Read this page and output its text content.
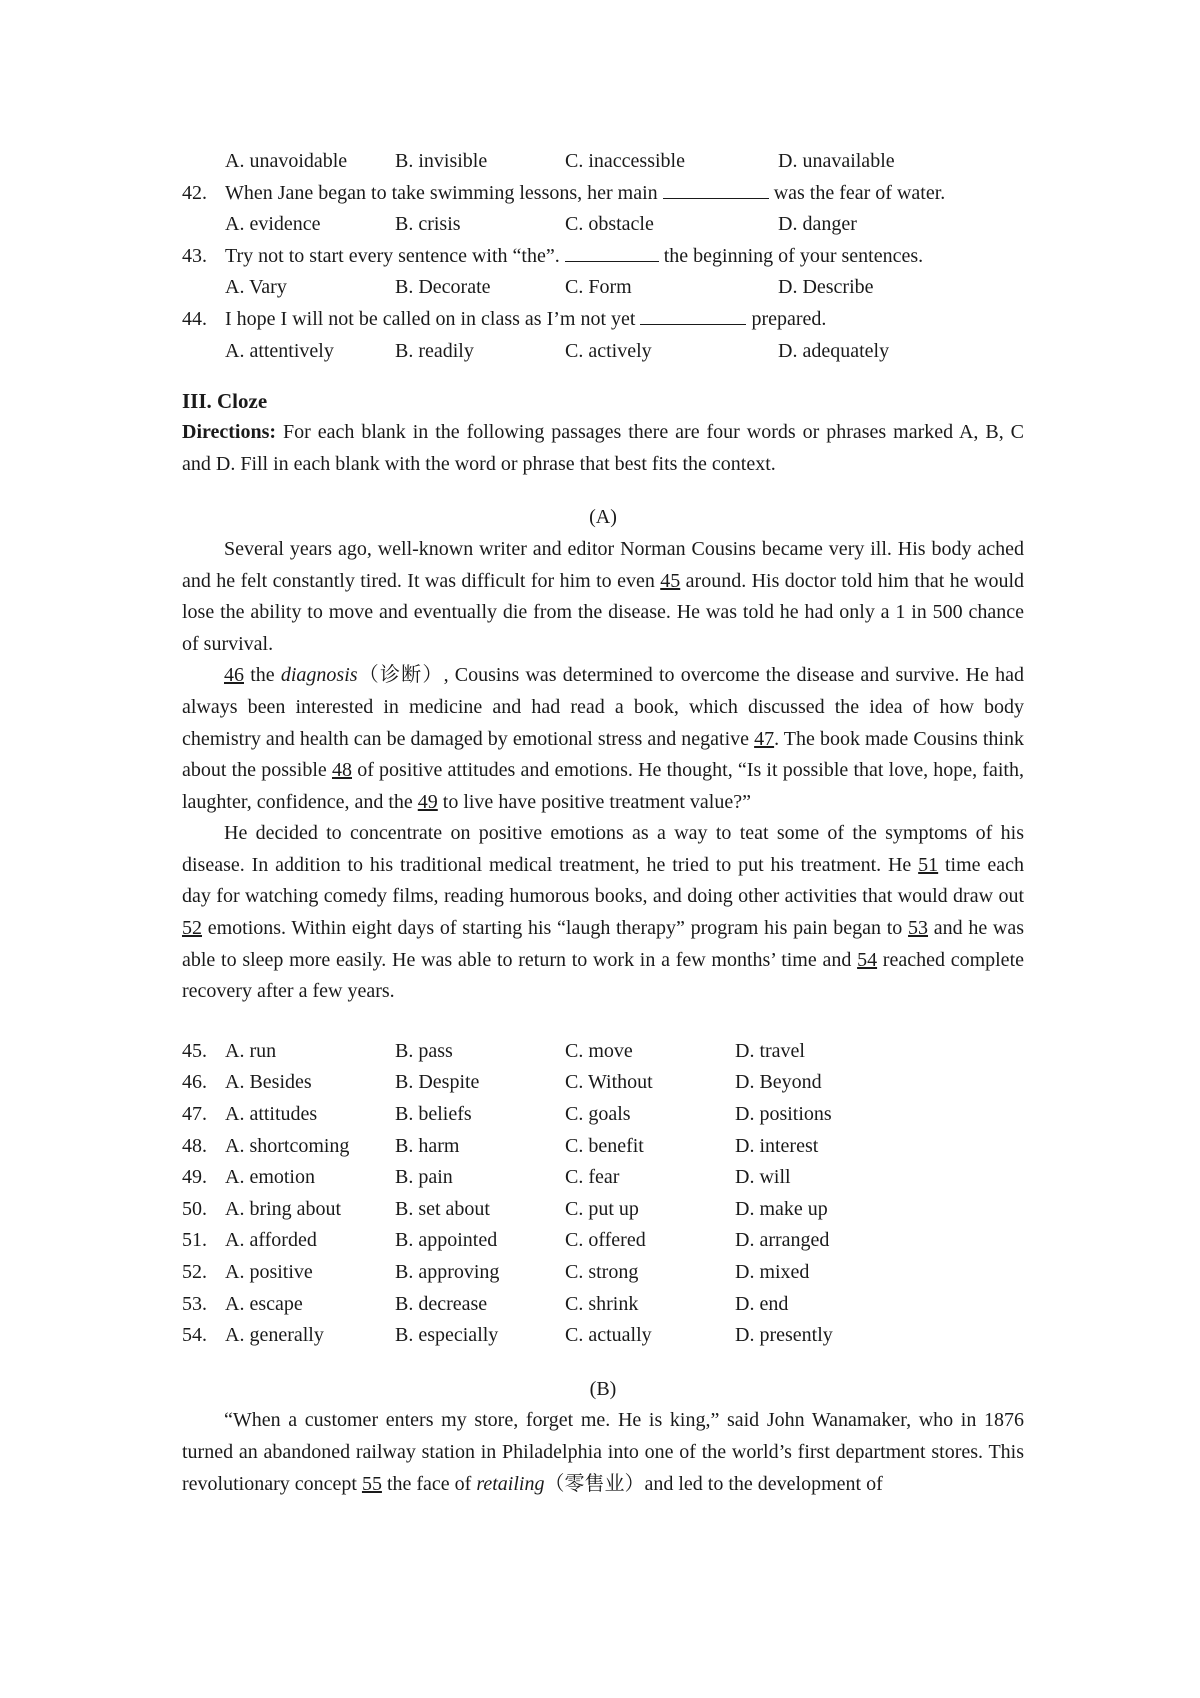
A. unavoidable B. invisible	C. inaccessible	D. unavailable
42. When Jane began to take swimming lessons, her main	was the fear of water.
A. evidence	B. crisis	C. obstacle	D. danger
43. Try not to start every sentence with “the”.	the beginning of your sentences.
A. Vary	B. Decorate	C. Form	D. Describe
44. I hope I will not be called on in class as I’m not yet	prepared.
A. attentively	B. readily	C. actively	D. adequately
III. Cloze
Directions: For each blank in the following passages there are four words or phrases marked A, B, C and D. Fill in each blank with the word or phrase that best fits the context.
(A)

Several years ago, well-known writer and editor Norman Cousins became very ill. His body ached and he felt constantly tired. It was difficult for him to even 45 around. His doctor told him that he would lose the ability to move and eventually die from the disease. He was told he had only a 1 in 500 chance of survival.

46 the diagnosis（诊断）, Cousins was determined to overcome the disease and survive. He had always been interested in medicine and had read a book, which discussed the idea of how body chemistry and health can be damaged by emotional stress and negative 47. The book made Cousins think about the possible 48 of positive attitudes and emotions. He thought, “Is it possible that love, hope, faith, laughter, confidence, and the 49 to live have positive treatment value?”

He decided to concentrate on positive emotions as a way to teat some of the symptoms of his disease. In addition to his traditional medical treatment, he tried to put his treatment. He 51 time each day for watching comedy films, reading humorous books, and doing other activities that would draw out 52 emotions. Within eight days of starting his “laugh therapy” program his pain began to 53 and he was able to sleep more easily. He was able to return to work in a few months’ time and 54 reached complete recovery after a few years.

45. A. run	B. pass	C. move	D. travel
46. A. Besides	B. Despite	C. Without	D. Beyond
47. A. attitudes	B. beliefs	C. goals	D. positions
48. A. shortcoming B. harm	C. benefit	D. interest
49. A. emotion	B. pain	C. fear	D. will
50. A. bring about	B. set about	C. put up	D. make up
51. A. afforded	B. appointed	C. offered	D. arranged
52. A. positive	B. approving	C. strong	D. mixed
53. A. escape	B. decrease	C. shrink	D. end
54. A. generally	B. especially	C. actually	D. presently
(B)

“When a customer enters my store, forget me. He is king,” said John Wanamaker, who in 1876 turned an abandoned railway station in Philadelphia into one of the world’s first department stores. This revolutionary concept 55 the face of retailing（零售业）and led to the development of
